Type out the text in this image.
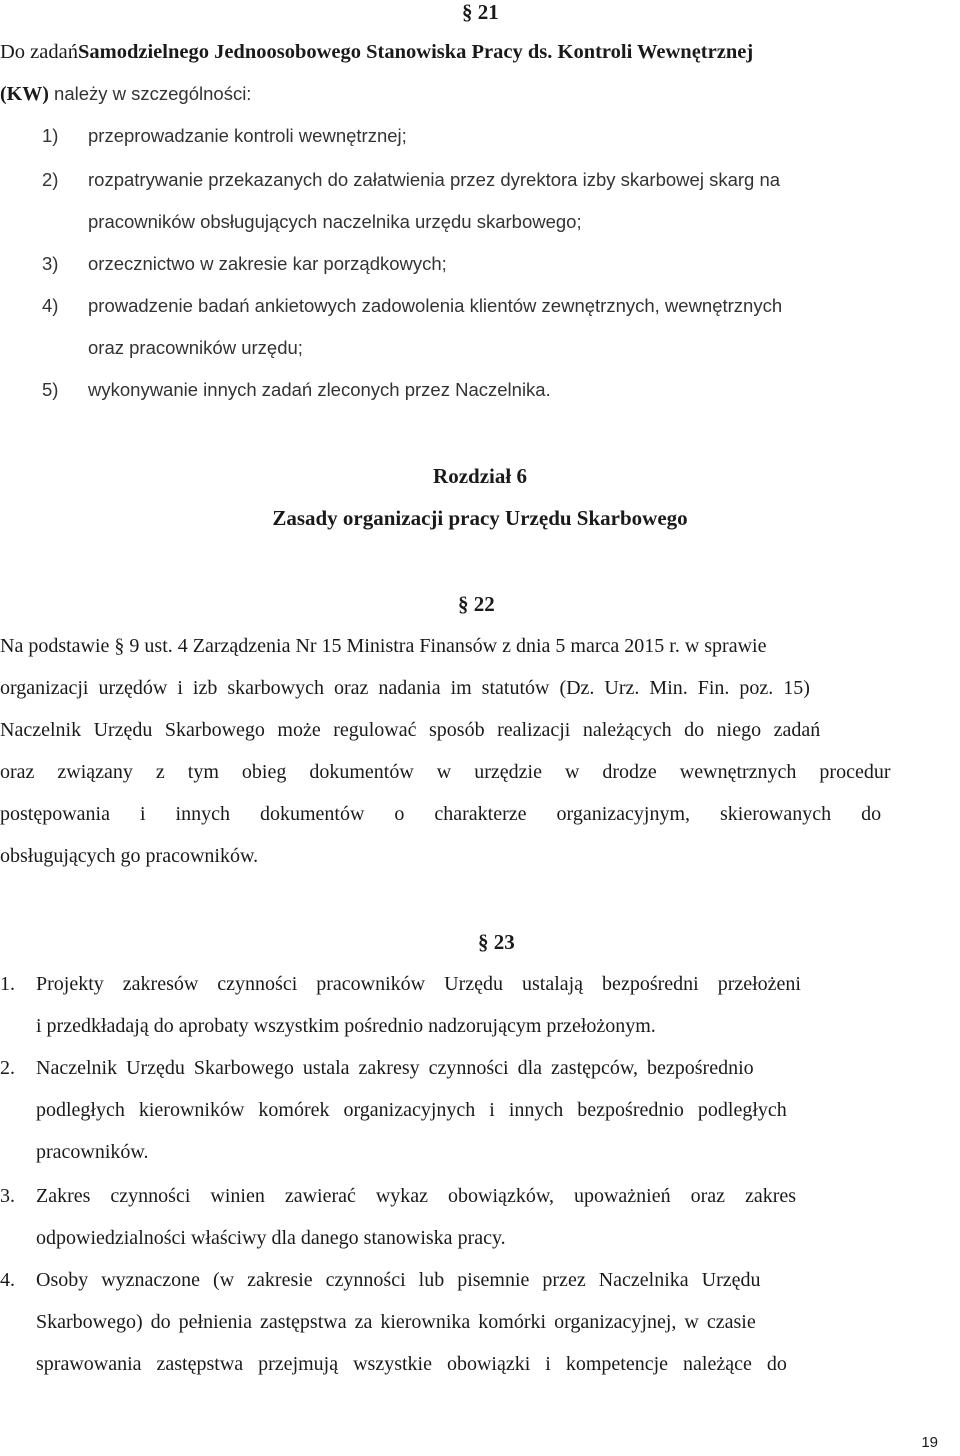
§ 21
Do zadań Samodzielnego Jednoosobowego Stanowiska Pracy ds. Kontroli Wewnętrznej
(KW) należy w szczególności:
1) przeprowadzanie kontroli wewnętrznej;
2) rozpatrywanie przekazanych do załatwienia przez dyrektora izby skarbowej skarg na
pracowników obsługujących naczelnika urzędu skarbowego;
3) orzecznictwo w zakresie kar porządkowych;
4) prowadzenie badań ankietowych zadowolenia klientów zewnętrznych, wewnętrznych
oraz pracowników urzędu;
5) wykonywanie innych zadań zleconych przez Naczelnika.
Rozdział 6
Zasady organizacji pracy Urzędu Skarbowego
§ 22
Na podstawie § 9 ust. 4 Zarządzenia Nr 15 Ministra Finansów z dnia 5 marca 2015 r. w sprawie
organizacji urzędów i izb skarbowych oraz nadania im statutów (Dz. Urz. Min. Fin. poz. 15)
Naczelnik Urzędu Skarbowego może regulować sposób realizacji należących do niego zadań
oraz związany z tym obieg dokumentów w urzędzie w drodze wewnętrznych procedur
postępowania i innych dokumentów o charakterze organizacyjnym, skierowanych do
obsługujących go pracowników.
§ 23
1. Projekty zakresów czynności pracowników Urzędu ustalają bezpośredni przełożeni
i przedkładają do aprobaty wszystkim pośrednio nadzorującym przełożonym.
2. Naczelnik Urzędu Skarbowego ustala zakresy czynności dla zastępców, bezpośrednio
podległych kierowników komórek organizacyjnych i innych bezpośrednio podległych
pracowników.
3. Zakres czynności winien zawierać wykaz obowiązków, upoważnień oraz zakres
odpowiedzialności właściwy dla danego stanowiska pracy.
4. Osoby wyznaczone (w zakresie czynności lub pisemnie przez Naczelnika Urzędu
Skarbowego) do pełnienia zastępstwa za kierownika komórki organizacyjnej, w czasie
sprawowania zastępstwa przejmują wszystkie obowiązki i kompetencje należące do
19
